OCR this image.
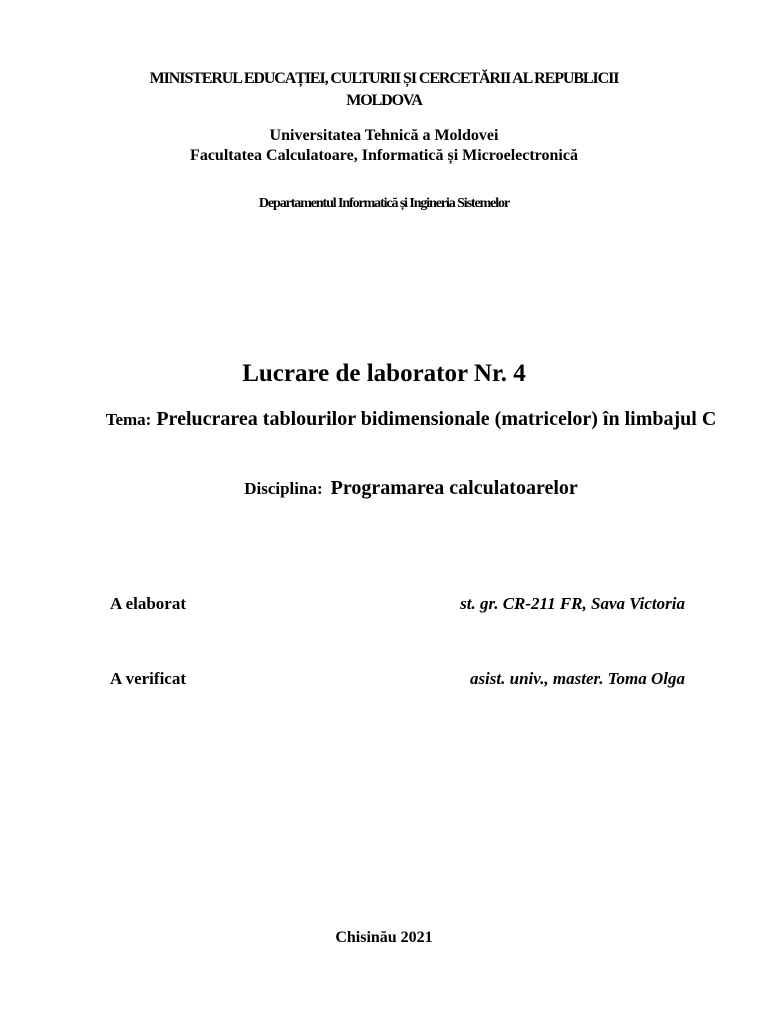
MINISTERUL EDUCAȚIEI, CULTURII ȘI CERCETĂRII AL REPUBLICII
MOLDOVA
Universitatea Tehnică a Moldovei
Facultatea Calculatoare, Informatică și Microelectronică
Departamentul Informatică și Ingineria Sistemelor
Lucrare de laborator Nr. 4
Tema: Prelucrarea tablourilor bidimensionale (matricelor) în limbajul C
Disciplina: Programarea calculatoarelor
A elaborat	st. gr. CR-211 FR, Sava Victoria
A verificat	asist. univ., master. Toma Olga
Chisinău 2021
